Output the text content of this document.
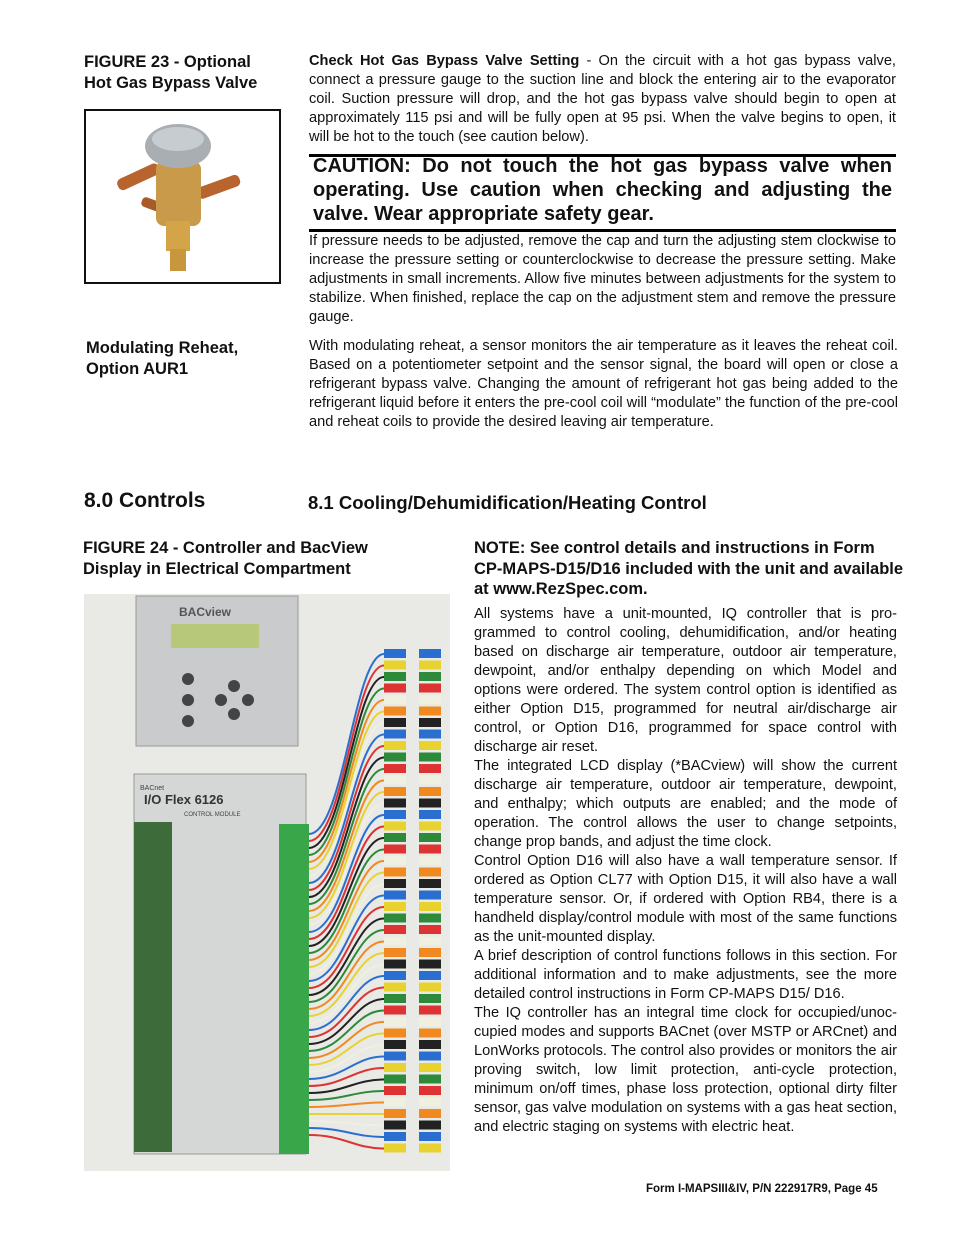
FIGURE 23 - Optional
Hot Gas Bypass Valve
Check Hot Gas Bypass Valve Setting - On the circuit with a hot gas bypass valve, connect a pressure gauge to the suction line and block the entering air to the evaporator coil. Suction pressure will drop, and the hot gas bypass valve should begin to open at approximately 115 psi and will be fully open at 95 psi. When the valve begins to open, it will be hot to the touch (see caution below).
CAUTION: Do not touch the hot gas bypass valve when operating. Use caution when checking and adjusting the valve. Wear appropriate safety gear.
If pressure needs to be adjusted, remove the cap and turn the adjusting stem clockwise to increase the pressure setting or counterclockwise to decrease the pressure setting. Make adjustments in small increments. Allow five minutes between adjustments for the system to stabilize. When finished, replace the cap on the adjustment stem and remove the pressure gauge.
Modulating Reheat,
Option AUR1
With modulating reheat, a sensor monitors the air temperature as it leaves the reheat coil. Based on a potentiometer setpoint and the sensor signal, the board will open or close a refrigerant bypass valve. Changing the amount of refrigerant hot gas being added to the refrigerant liquid before it enters the pre-cool coil will “modulate” the function of the pre-cool and reheat coils to provide the desired leaving air temperature.
8.0 Controls	8.1 Cooling/Dehumidification/Heating Control
FIGURE 24 - Controller and BacView
Display in Electrical Compartment
BACview
I/O Flex 6126
CONTROL MODULE
BACnet
NOTE: See control details and instructions in Form CP-MAPS-D15/D16 included with the unit and available at www.RezSpec.com.
All systems have a unit-mounted, IQ controller that is programmed to control cooling, dehumidification, and/or heating based on discharge air temperature, outdoor air temperature, dewpoint, and/or enthalpy depending on which Model and options were ordered. The system control option is identified as either Option D15, programmed for neutral air/discharge air control, or Option D16, programmed for space control with discharge air reset.
The integrated LCD display (*BACview) will show the current discharge air temperature, outdoor air temperature, dewpoint, and enthalpy; which outputs are enabled; and the mode of operation. The control allows the user to change setpoints, change prop bands, and adjust the time clock.
Control Option D16 will also have a wall temperature sensor. If ordered as Option CL77 with Option D15, it will also have a wall temperature sensor. Or, if ordered with Option RB4, there is a handheld display/control module with most of the same functions as the unit-mounted display.
A brief description of control functions follows in this section. For additional information and to make adjustments, see the more detailed control instructions in Form CP-MAPS D15/ D16.
The IQ controller has an integral time clock for occupied/unoccupied modes and supports BACnet (over MSTP or ARCnet) and LonWorks protocols. The control also provides or monitors the air proving switch, low limit protection, anti-cycle protection, minimum on/off times, phase loss protection, optional dirty filter sensor, gas valve modulation on systems with a gas heat section, and electric staging on systems with electric heat.
Form I-MAPSIII&IV, P/N 222917R9, Page 45
